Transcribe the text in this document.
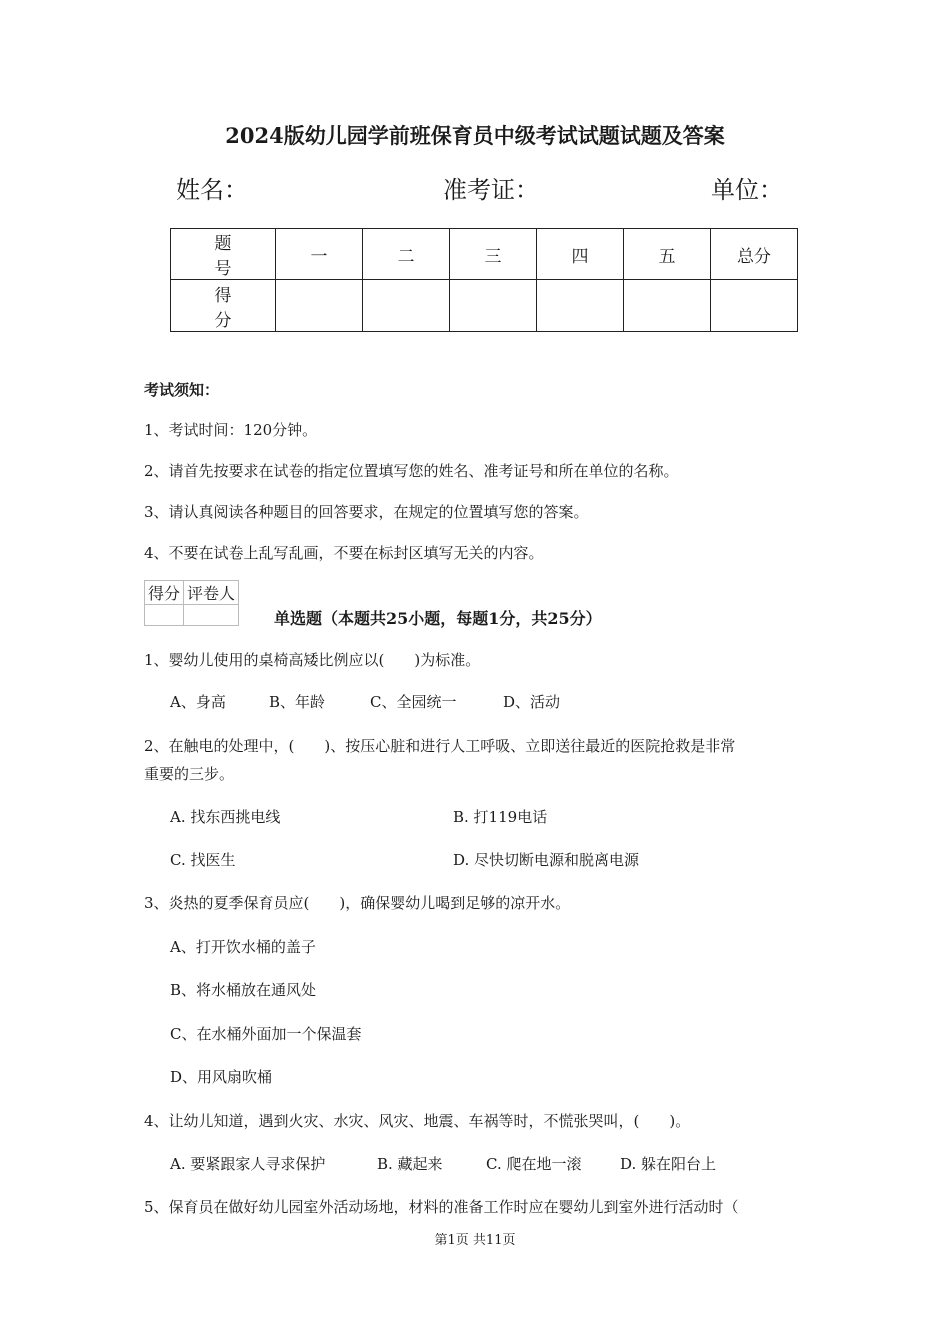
2024版幼儿园学前班保育员中级考试试题试题及答案
姓名：	准考证：	单位：
题 号	一	二	三	四	五	总分
得 分						
考试须知：
1、考试时间：120分钟。
2、请首先按要求在试卷的指定位置填写您的姓名、准考证号和所在单位的名称。
3、请认真阅读各种题目的回答要求，在规定的位置填写您的答案。
4、不要在试卷上乱写乱画，不要在标封区填写无关的内容。
得分	评卷人

单选题（本题共25小题，每题1分，共25分）
1、婴幼儿使用的桌椅高矮比例应以(　　)为标准。
A、身高	B、年龄	C、全园统一	D、活动
2、在触电的处理中，(　　)、按压心脏和进行人工呼吸、立即送往最近的医院抢救是非常
重要的三步。
A. 找东西挑电线	B. 打119电话
C. 找医生	D. 尽快切断电源和脱离电源
3、炎热的夏季保育员应(　　)，确保婴幼儿喝到足够的凉开水。
A、打开饮水桶的盖子
B、将水桶放在通风处
C、在水桶外面加一个保温套
D、用风扇吹桶
4、让幼儿知道，遇到火灾、水灾、风灾、地震、车祸等时，不慌张哭叫，(　　)。
A. 要紧跟家人寻求保护	B. 藏起来	C. 爬在地一滚	D. 躲在阳台上
5、保育员在做好幼儿园室外活动场地，材料的准备工作时应在婴幼儿到室外进行活动时（
第1页 共11页
